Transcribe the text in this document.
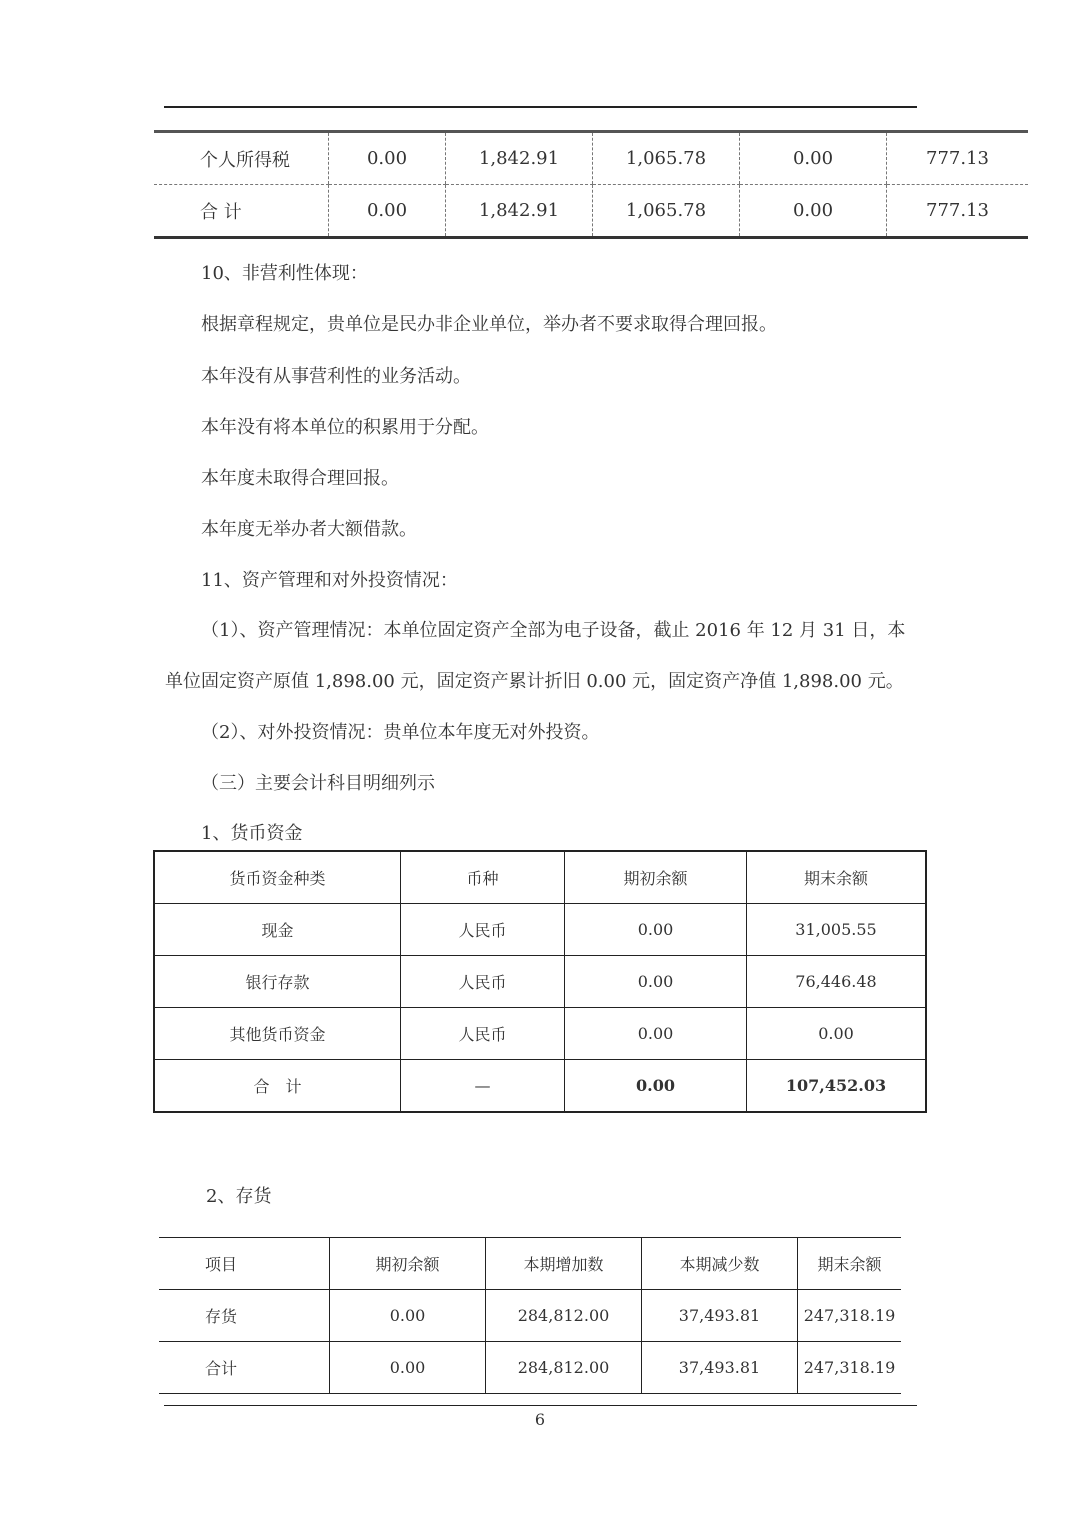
个人所得税	0.00	1,842.91	1,065.78	0.00	777.13
合 计	0.00	1,842.91	1,065.78	0.00	777.13
10、非营利性体现：
根据章程规定，贵单位是民办非企业单位，举办者不要求取得合理回报。
本年没有从事营利性的业务活动。
本年没有将本单位的积累用于分配。
本年度未取得合理回报。
本年度无举办者大额借款。
11、资产管理和对外投资情况：
（1）、资产管理情况：本单位固定资产全部为电子设备，截止 2016 年 12 月 31 日，本
单位固定资产原值 1,898.00 元，固定资产累计折旧 0.00 元，固定资产净值 1,898.00 元。
（2）、对外投资情况：贵单位本年度无对外投资。
（三）主要会计科目明细列示
1、货币资金
货币资金种类	币种	期初余额	期末余额
现金	人民币	0.00	31,005.55
银行存款	人民币	0.00	76,446.48
其他货币资金	人民币	0.00	0.00
合　计	—	0.00	107,452.03
2、存货
项目	期初余额	本期增加数	本期减少数	期末余额
存货	0.00	284,812.00	37,493.81	247,318.19
合计	0.00	284,812.00	37,493.81	247,318.19
6
